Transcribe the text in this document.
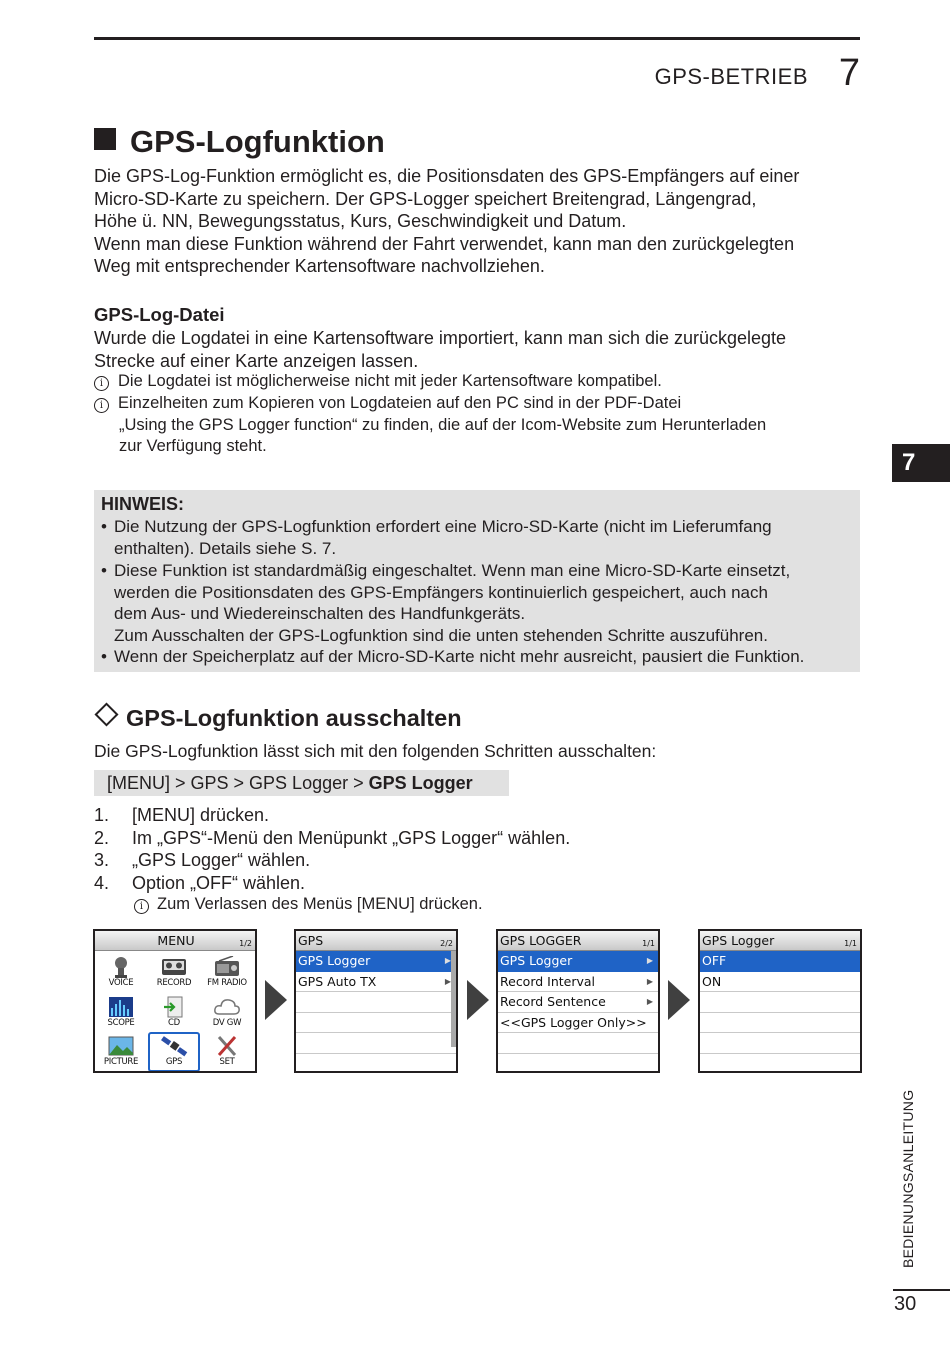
GPS-BETRIEB 7
GPS-Logfunktion

Die GPS-Log-Funktion ermöglicht es, die Positionsdaten des GPS-Empfängers auf einer

Micro-SD-Karte zu speichern. Der GPS-Logger speichert Breitengrad, Längengrad,

Höhe ü. NN, Bewegungsstatus, Kurs, Geschwindigkeit und Datum.

Wenn man diese Funktion während der Fahrt verwendet, kann man den zurückgelegten

Weg mit entsprechender Kartensoftware nachvollziehen.

GPS-Log-Datei

Wurde die Logdatei in eine Kartensoftware importiert, kann man sich die zurückgelegte

Strecke auf einer Karte anzeigen lassen.

i Die Logdatei ist möglicherweise nicht mit jeder Kartensoftware kompatibel.
i Einzelheiten zum Kopieren von Logdateien auf den PC sind in der PDF-Datei
„Using the GPS Logger function“ zu finden, die auf der Icom-Website zum Herunterladen
zur Verfügung steht.
7
HINWEIS:
• Die Nutzung der GPS-Logfunktion erfordert eine Micro-SD-Karte (nicht im Lieferumfang
enthalten). Details siehe S. 7.
• Diese Funktion ist standardmäßig eingeschaltet. Wenn man eine Micro-SD-Karte einsetzt,
werden die Positionsdaten des GPS-Empfängers kontinuierlich gespeichert, auch nach
dem Aus- und Wiedereinschalten des Handfunkgeräts.
Zum Ausschalten der GPS-Logfunktion sind die unten stehenden Schritte auszuführen.
• Wenn der Speicherplatz auf der Micro-SD-Karte nicht mehr ausreicht, pausiert die Funktion.
GPS-Logfunktion ausschalten
Die GPS-Logfunktion lässt sich mit den folgenden Schritten ausschalten:
[MENU] > GPS > GPS Logger > GPS Logger
1. [MENU] drücken.
2. Im „GPS“-Menü den Menüpunkt „GPS Logger“ wählen.
3. „GPS Logger“ wählen.
4. Option „OFF“ wählen.
i Zum Verlassen des Menüs [MENU] drücken.
MENU	1/2
VOICE	RECORD	FM RADIO
SCOPE	CD	DV GW
PICTURE	GPS	SET
GPS	2/2
GPS Logger	▶
GPS Auto TX	▶
GPS LOGGER	1/1
GPS Logger	▶
Record Interval	▶
Record Sentence	▶
<<GPS Logger Only>>
GPS Logger	1/1
OFF
ON
BEDIENUNGSANLEITUNG
30
